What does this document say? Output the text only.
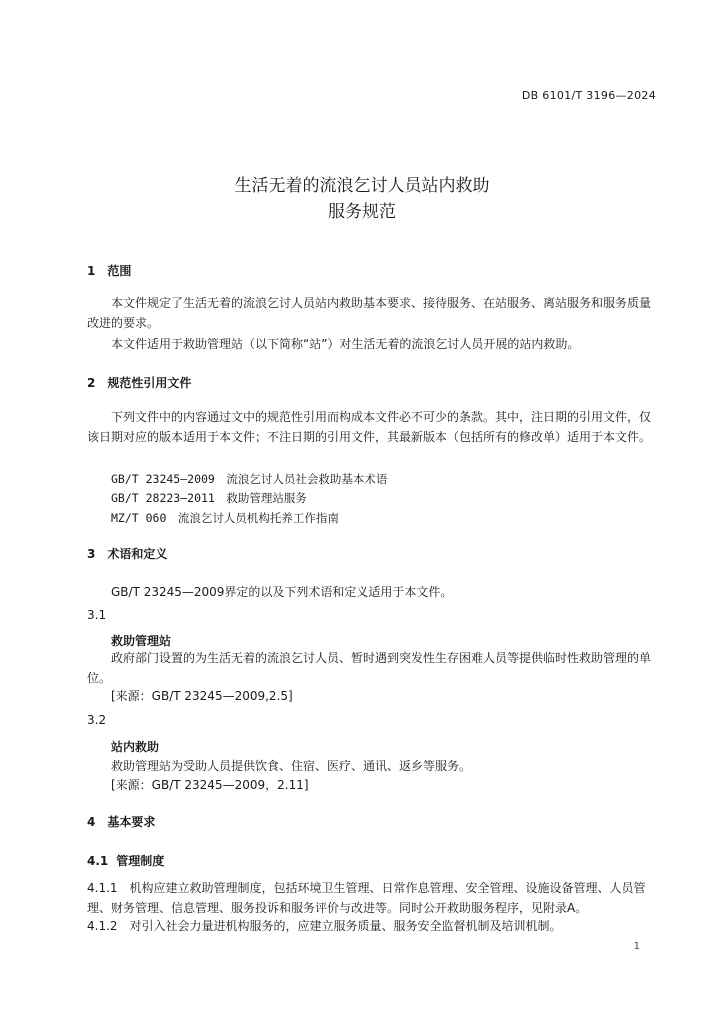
DB 6101/T 3196—2024
生活无着的流浪乞讨人员站内救助
服务规范
1 范围
本文件规定了生活无着的流浪乞讨人员站内救助基本要求、接待服务、在站服务、离站服务和服务质量改进的要求。
本文件适用于救助管理站（以下简称“站”）对生活无着的流浪乞讨人员开展的站内救助。
2 规范性引用文件
下列文件中的内容通过文中的规范性引用而构成本文件必不可少的条款。其中，注日期的引用文件，仅该日期对应的版本适用于本文件；不注日期的引用文件，其最新版本（包括所有的修改单）适用于本文件。
GB/T 23245—2009　流浪乞讨人员社会救助基本术语
GB/T 28223—2011　救助管理站服务
MZ/T 060　流浪乞讨人员机构托养工作指南
3 术语和定义
GB/T 23245—2009界定的以及下列术语和定义适用于本文件。
3.1
救助管理站
政府部门设置的为生活无着的流浪乞讨人员、暂时遇到突发性生存困难人员等提供临时性救助管理的单位。
[来源：GB/T 23245—2009,2.5]
3.2
站内救助
救助管理站为受助人员提供饮食、住宿、医疗、通讯、返乡等服务。
[来源：GB/T 23245—2009，2.11]
4 基本要求
4.1 管理制度
4.1.1　机构应建立救助管理制度，包括环境卫生管理、日常作息管理、安全管理、设施设备管理、人员管理、财务管理、信息管理、服务投诉和服务评价与改进等。同时公开救助服务程序，见附录A。
4.1.2　对引入社会力量进机构服务的，应建立服务质量、服务安全监督机制及培训机制。
1
